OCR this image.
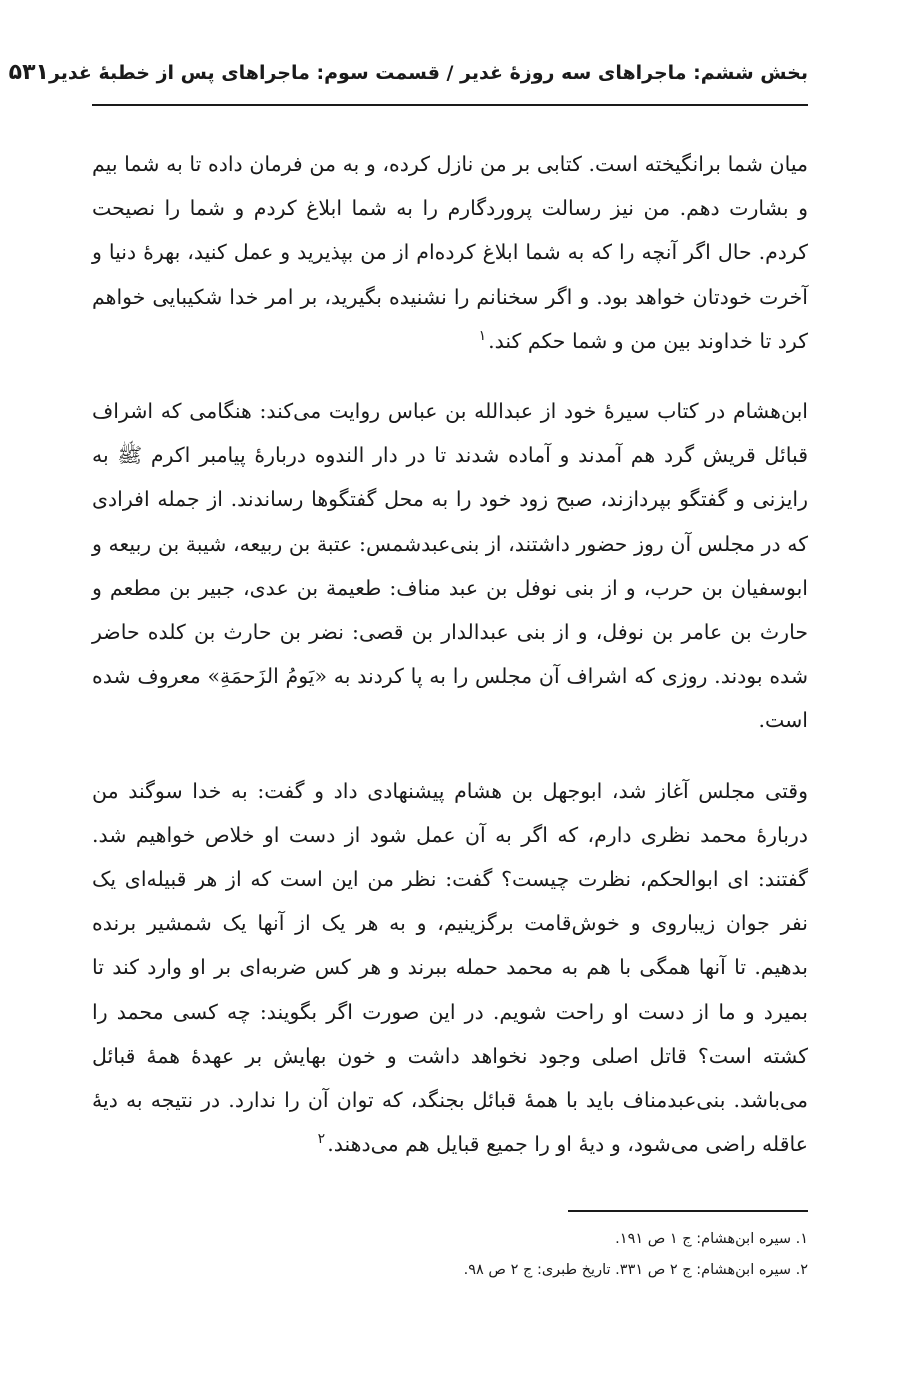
بخش ششم: ماجراهای سه روزهٔ غدیر / قسمت سوم: ماجراهای پس از خطبهٔ غدیر
۵۳۱

میان شما برانگیخته است. کتابی بر من نازل کرده، و به من فرمان داده تا به شما بیم و بشارت دهم. من نیز رسالت پروردگارم را به شما ابلاغ کردم و شما را نصیحت کردم. حال اگر آنچه را که به شما ابلاغ کرده‌ام از من بپذیرید و عمل کنید، بهرهٔ دنیا و آخرت خودتان خواهد بود. و اگر سخنانم را نشنیده بگیرید، بر امر خدا شکیبایی خواهم کرد تا خداوند بین من و شما حکم کند.$^۱$

ابن‌هشام در کتاب سیرهٔ خود از عبدالله بن عباس روایت می‌کند: هنگامی که اشراف قبائل قریش گرد هم آمدند و آماده شدند تا در دار الندوه دربارهٔ پیامبر اکرم ﷺ به رایزنی و گفتگو بپردازند، صبح زود خود را به محل گفتگوها رساندند. از جمله افرادی که در مجلس آن روز حضور داشتند، از بنی‌عبدشمس: عتبة بن ربیعه، شیبة بن ربیعه و ابوسفیان بن حرب، و از بنی نوفل بن عبد مناف: طعیمة بن عدی، جبیر بن مطعم و حارث بن عامر بن نوفل، و از بنی عبدالدار بن قصی: نضر بن حارث بن کلده حاضر شده بودند. روزی که اشراف آن مجلس را به پا کردند به «یَومُ الزَحمَةِ» معروف شده است.

وقتی مجلس آغاز شد، ابوجهل بن هشام پیشنهادی داد و گفت: به خدا سوگند من دربارهٔ محمد نظری دارم، که اگر به آن عمل شود از دست او خلاص خواهیم شد. گفتند: ای ابوالحکم، نظرت چیست؟ گفت: نظر من این است که از هر قبیله‌ای یک نفر جوان زیباروی و خوش‌قامت برگزینیم، و به هر یک از آنها یک شمشیر برنده بدهیم. تا آنها همگی با هم به محمد حمله ببرند و هر کس ضربه‌ای بر او وارد کند تا بمیرد و ما از دست او راحت شویم. در این صورت اگر بگویند: چه کسی محمد را کشته است؟ قاتل اصلی وجود نخواهد داشت و خون بهایش بر عهدهٔ همهٔ قبائل می‌باشد. بنی‌عبدمناف باید با همهٔ قبائل بجنگد، که توان آن را ندارد. در نتیجه به دیهٔ عاقله راضی می‌شود، و دیهٔ او را جمیع قبایل هم می‌دهند.$^۲$

۱. سیره ابن‌هشام: ج ۱ ص ۱۹۱.
۲. سیره ابن‌هشام: ج ۲ ص ۳۳۱. تاریخ طبری: ج ۲ ص ۹۸.
